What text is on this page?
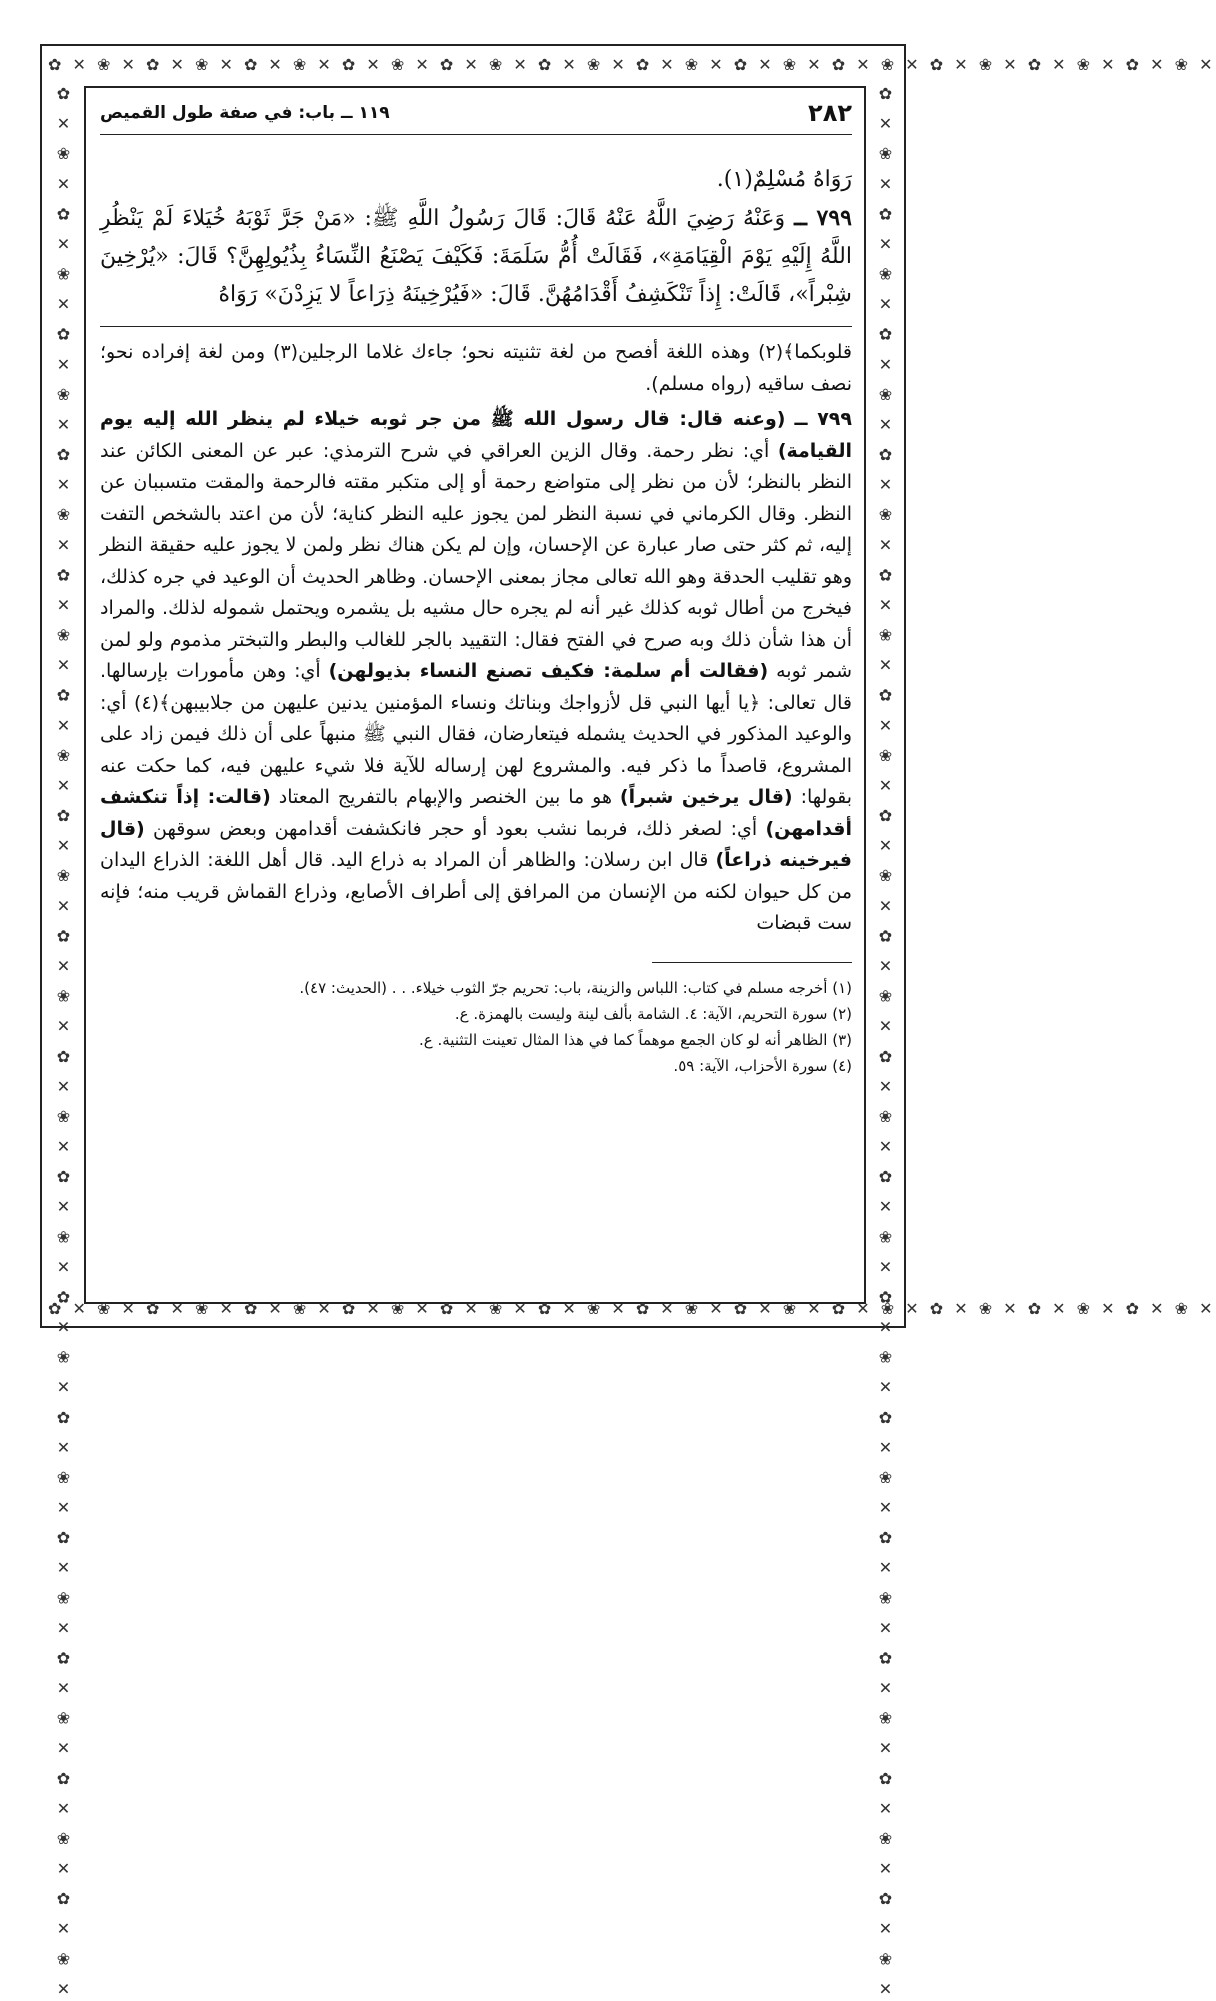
✿ ✕ ❀ ✕ ✿ ✕ ❀ ✕ ✿ ✕ ❀ ✕ ✿ ✕ ❀ ✕ ✿ ✕ ❀ ✕ ✿ ✕ ❀ ✕ ✿ ✕ ❀ ✕ ✿ ✕ ❀ ✕ ✿ ✕ ❀ ✕ ✿ ✕ ❀ ✕ ✿ ✕ ❀ ✕ ✿ ✕ ❀ ✕
✿ ✕ ❀ ✕ ✿ ✕ ❀ ✕ ✿ ✕ ❀ ✕ ✿ ✕ ❀ ✕ ✿ ✕ ❀ ✕ ✿ ✕ ❀ ✕ ✿ ✕ ❀ ✕ ✿ ✕ ❀ ✕ ✿ ✕ ❀ ✕ ✿ ✕ ❀ ✕ ✿ ✕ ❀ ✕ ✿ ✕ ❀ ✕
✿ ✕ ❀ ✕ ✿ ✕ ❀ ✕ ✿ ✕ ❀ ✕ ✿ ✕ ❀ ✕ ✿ ✕ ❀ ✕ ✿ ✕ ❀ ✕ ✿ ✕ ❀ ✕ ✿ ✕ ❀ ✕ ✿ ✕ ❀ ✕ ✿ ✕ ❀ ✕ ✿ ✕ ❀ ✕ ✿ ✕ ❀ ✕ ✿ ✕ ❀ ✕ ✿ ✕ ❀ ✕ ✿ ✕ ❀ ✕ ✿ ✕ ❀ ✕	✿ ✕ ❀ ✕ ✿ ✕ ❀ ✕ ✿ ✕ ❀ ✕ ✿ ✕ ❀ ✕ ✿ ✕ ❀ ✕ ✿ ✕ ❀ ✕ ✿ ✕ ❀ ✕ ✿ ✕ ❀ ✕ ✿ ✕ ❀ ✕ ✿ ✕ ❀ ✕ ✿ ✕ ❀ ✕ ✿ ✕ ❀ ✕ ✿ ✕ ❀ ✕ ✿ ✕ ❀ ✕ ✿ ✕ ❀ ✕ ✿ ✕ ❀ ✕
٢٨٢
١١٩ ــ باب: في صفة طول القميص

رَوَاهُ مُسْلِمٌ(١).

٧٩٩ ــ وَعَنْهُ رَضِيَ اللَّهُ عَنْهُ قَالَ: قَالَ رَسُولُ اللَّهِ ﷺ: «مَنْ جَرَّ ثَوْبَهُ خُيَلاءَ لَمْ يَنْظُرِ اللَّهُ إِلَيْهِ يَوْمَ الْقِيَامَةِ»، فَقَالَتْ أُمُّ سَلَمَةَ: فَكَيْفَ يَصْنَعُ النِّسَاءُ بِذُيُولِهِنَّ؟ قَالَ: «يُرْخِينَ شِبْراً»، قَالَتْ: إِذاً تَنْكَشِفُ أَقْدَامُهُنَّ. قَالَ: «فَيُرْخِينَهُ ذِرَاعاً لا يَزِدْنَ» رَوَاهُ

قلوبكما﴾(٢) وهذه اللغة أفصح من لغة تثنيته نحو؛ جاءك غلاما الرجلين(٣) ومن لغة إفراده نحو؛ نصف ساقيه (رواه مسلم).

٧٩٩ ــ (وعنه قال: قال رسول الله ﷺ من جر ثوبه خيلاء لم ينظر الله إليه يوم القيامة) أي: نظر رحمة. وقال الزين العراقي في شرح الترمذي: عبر عن المعنى الكائن عند النظر بالنظر؛ لأن من نظر إلى متواضع رحمة أو إلى متكبر مقته فالرحمة والمقت متسببان عن النظر. وقال الكرماني في نسبة النظر لمن يجوز عليه النظر كناية؛ لأن من اعتد بالشخص التفت إليه، ثم كثر حتى صار عبارة عن الإحسان، وإن لم يكن هناك نظر ولمن لا يجوز عليه حقيقة النظر وهو تقليب الحدقة وهو الله تعالى مجاز بمعنى الإحسان. وظاهر الحديث أن الوعيد في جره كذلك، فيخرج من أطال ثوبه كذلك غير أنه لم يجره حال مشيه بل يشمره ويحتمل شموله لذلك. والمراد أن هذا شأن ذلك وبه صرح في الفتح فقال: التقييد بالجر للغالب والبطر والتبختر مذموم ولو لمن شمر ثوبه (فقالت أم سلمة: فكيف تصنع النساء بذيولهن) أي: وهن مأمورات بإرسالها. قال تعالى: ﴿يا أيها النبي قل لأزواجك وبناتك ونساء المؤمنين يدنين عليهن من جلابيبهن﴾(٤) أي: والوعيد المذكور في الحديث يشمله فيتعارضان، فقال النبي ﷺ منبهاً على أن ذلك فيمن زاد على المشروع، قاصداً ما ذكر فيه. والمشروع لهن إرساله للآية فلا شيء عليهن فيه، كما حكت عنه بقولها: (قال يرخين شبراً) هو ما بين الخنصر والإبهام بالتفريج المعتاد (قالت: إذاً تنكشف أقدامهن) أي: لصغر ذلك، فربما نشب بعود أو حجر فانكشفت أقدامهن وبعض سوقهن (قال فيرخينه ذراعاً) قال ابن رسلان: والظاهر أن المراد به ذراع اليد. قال أهل اللغة: الذراع اليدان من كل حيوان لكنه من الإنسان من المرافق إلى أطراف الأصابع، وذراع القماش قريب منه؛ فإنه ست قبضات

(١) أخرجه مسلم في كتاب: اللباس والزينة، باب: تحريم جرّ الثوب خيلاء. . . (الحديث: ٤٧).
(٢) سورة التحريم، الآية: ٤. الشامة بألف لينة وليست بالهمزة. ع.
(٣) الظاهر أنه لو كان الجمع موهماً كما في هذا المثال تعينت التثنية. ع.
(٤) سورة الأحزاب، الآية: ٥٩.
